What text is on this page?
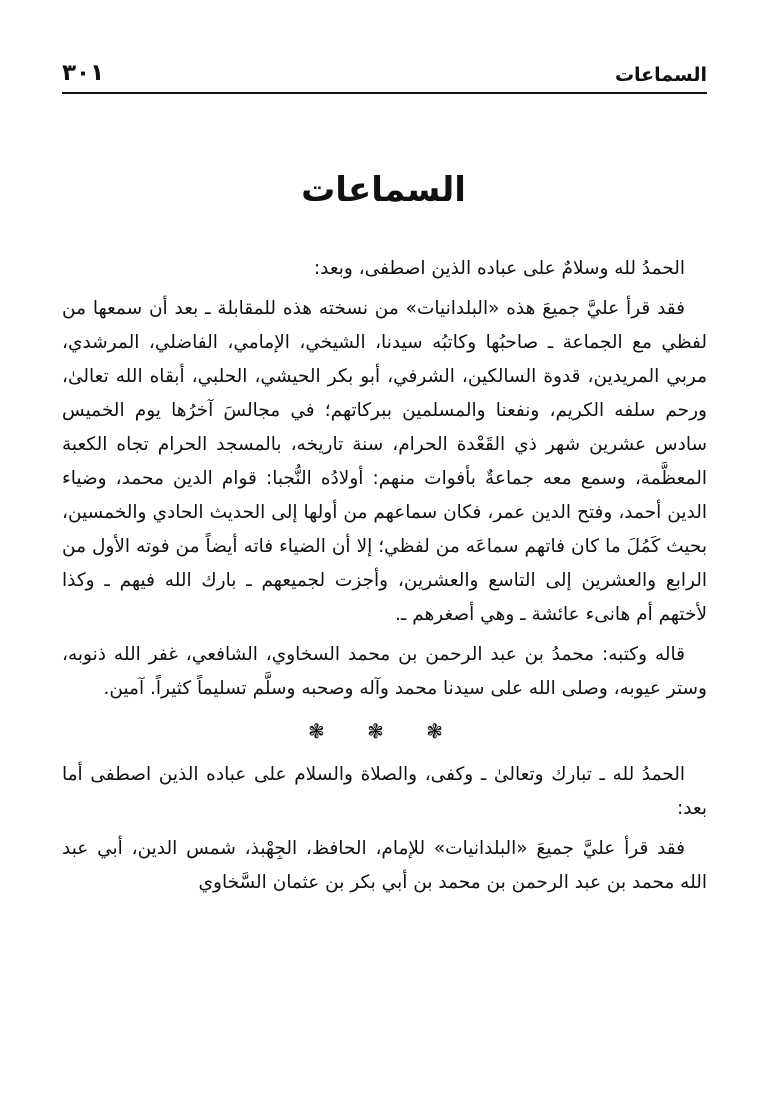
السماعات
٣٠١
السماعات

الحمدُ لله وسلامٌ على عباده الذين اصطفى، وبعد:

فقد قرأ عليَّ جميعَ هذه «البلدانيات» من نسخته هذه للمقابلة ـ بعد أن سمعها من لفظي مع الجماعة ـ صاحبُها وكاتبُه سيدنا، الشيخي، الإمامي، الفاضلي، المرشدي، مربي المريدين، قدوة السالكين، الشرفي، أبو بكر الحيشي، الحلبي، أبقاه الله تعالىٰ، ورحم سلفه الكريم، ونفعنا والمسلمين ببركاتهم؛ في مجالسَ آخرُها يوم الخميس سادس عشرين شهر ذي القَعْدة الحرام، سنة تاريخه، بالمسجد الحرام تجاه الكعبة المعظَّمة، وسمع معه جماعةٌ بأفوات منهم: أولادُه النُّجبا: قوام الدين محمد، وضياء الدين أحمد، وفتح الدين عمر، فكان سماعهم من أولها إلى الحديث الحادي والخمسين، بحيث كَمُلَ ما كان فاتهم سماعَه من لفظي؛ إلا أن الضياء فاته أيضاً من فوته الأول من الرابع والعشرين إلى التاسع والعشرين، وأجزت لجميعهم ـ بارك الله فيهم ـ وكذا لأختهم أم هانىء عائشة ـ وهي أصغرهم ـ.

قاله وكتبه: محمدُ بن عبد الرحمن بن محمد السخاوي، الشافعي، غفر الله ذنوبه، وستر عيوبه، وصلى الله على سيدنا محمد وآله وصحبه وسلَّم تسليماً كثيراً. آمين.

❃ ❃ ❃

الحمدُ لله ـ تبارك وتعالىٰ ـ وكفى، والصلاة والسلام على عباده الذين اصطفى أما بعد:

فقد قرأ عليَّ جميعَ «البلدانيات» للإمام، الحافظ، الجِهْبذ، شمس الدين، أبي عبد الله محمد بن عبد الرحمن بن محمد بن أبي بكر بن عثمان السَّخاوي
